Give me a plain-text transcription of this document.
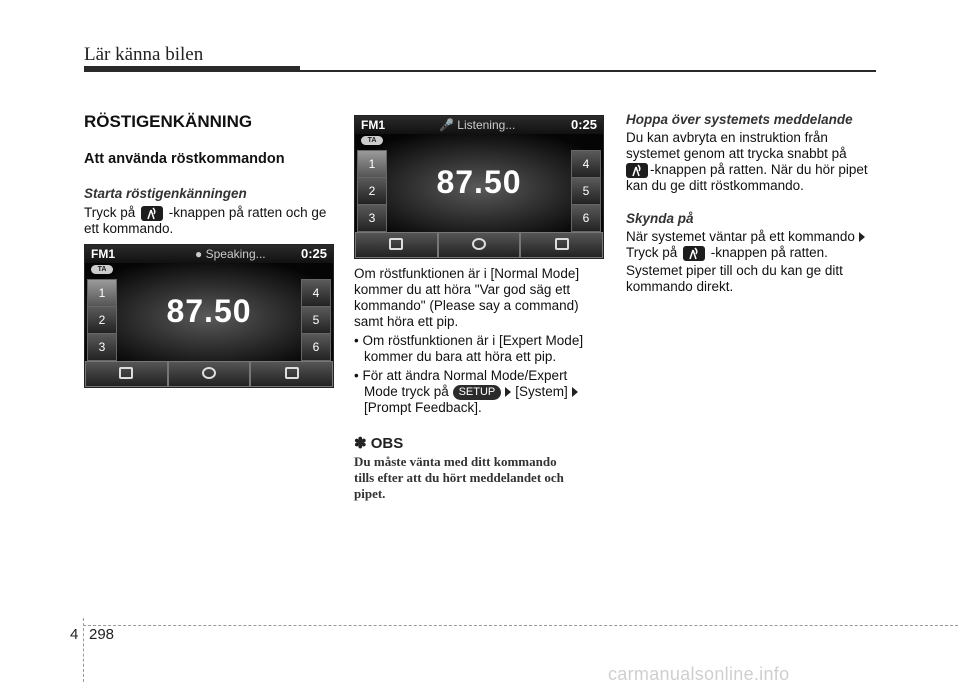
Lär känna bilen
RÖSTIGENKÄNNING
Att använda röstkommandon
Starta röstigenkänningen
Tryck på -knappen på ratten och ge
ett kommando.
FM1	● Speaking...	0:25
TA
1
2
3
4
5
6
87.50
FM1	🎤 Listening...	0:25
TA
1
2
3
4
5
6
87.50
Om röstfunktionen är i [Normal Mode]
kommer du att höra "Var god säg ett
kommando" (Please say a command)
samt höra ett pip.
• Om röstfunktionen är i [Expert Mode]
kommer du bara att höra ett pip.
• För att ändra Normal Mode/Expert
Mode tryck på SETUP [System]
[Prompt Feedback].
✽ OBS
Du måste vänta med ditt kommando
tills efter att du hört meddelandet och
pipet.
Hoppa över systemets meddelande
Du kan avbryta en instruktion från
systemet genom att trycka snabbt på
-knappen på ratten. När du hör pipet
kan du ge ditt röstkommando.
Skynda på
När systemet väntar på ett kommando
Tryck på -knappen på ratten.
Systemet piper till och du kan ge ditt
kommando direkt.
4 298
carmanualsonline.info
